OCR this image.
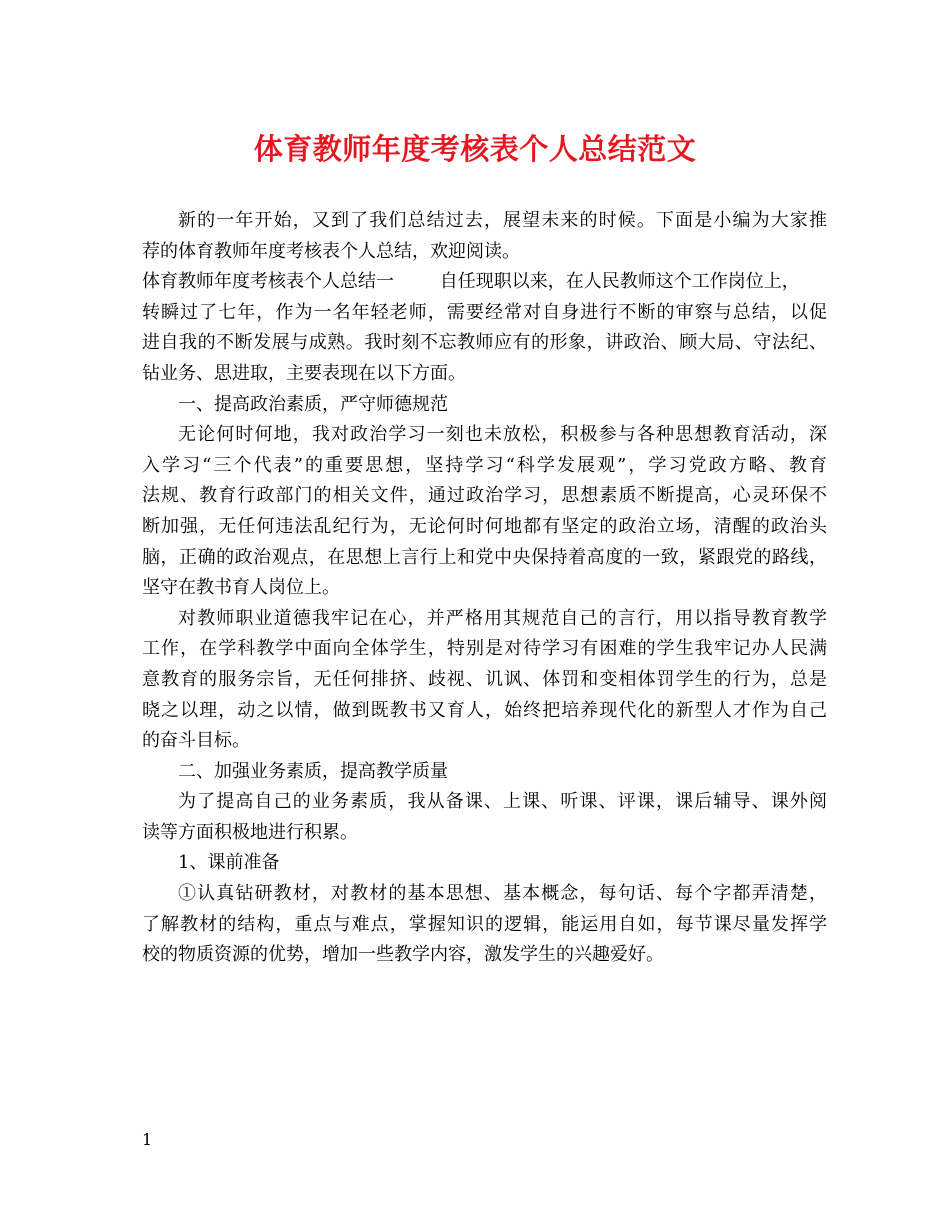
体育教师年度考核表个人总结范文
新的一年开始，又到了我们总结过去，展望未来的时候。下面是小编为大家推
荐的体育教师年度考核表个人总结，欢迎阅读。
体育教师年度考核表个人总结一        自任现职以来，在人民教师这个工作岗位上，
转瞬过了七年，作为一名年轻老师，需要经常对自身进行不断的审察与总结，以促
进自我的不断发展与成熟。我时刻不忘教师应有的形象，讲政治、顾大局、守法纪、
钻业务、思进取，主要表现在以下方面。
一、提高政治素质，严守师德规范
无论何时何地，我对政治学习一刻也未放松，积极参与各种思想教育活动，深
入学习“三个代表”的重要思想，坚持学习“科学发展观”，学习党政方略、教育
法规、教育行政部门的相关文件，通过政治学习，思想素质不断提高，心灵环保不
断加强，无任何违法乱纪行为，无论何时何地都有坚定的政治立场，清醒的政治头
脑，正确的政治观点，在思想上言行上和党中央保持着高度的一致，紧跟党的路线，
坚守在教书育人岗位上。
对教师职业道德我牢记在心，并严格用其规范自己的言行，用以指导教育教学
工作，在学科教学中面向全体学生，特别是对待学习有困难的学生我牢记办人民满
意教育的服务宗旨，无任何排挤、歧视、讥讽、体罚和变相体罚学生的行为，总是
晓之以理，动之以情，做到既教书又育人，始终把培养现代化的新型人才作为自己
的奋斗目标。
二、加强业务素质，提高教学质量
为了提高自己的业务素质，我从备课、上课、听课、评课，课后辅导、课外阅
读等方面积极地进行积累。
1、课前准备
①认真钻研教材，对教材的基本思想、基本概念，每句话、每个字都弄清楚，
了解教材的结构，重点与难点，掌握知识的逻辑，能运用自如，每节课尽量发挥学
校的物质资源的优势，增加一些教学内容，激发学生的兴趣爱好。
1
